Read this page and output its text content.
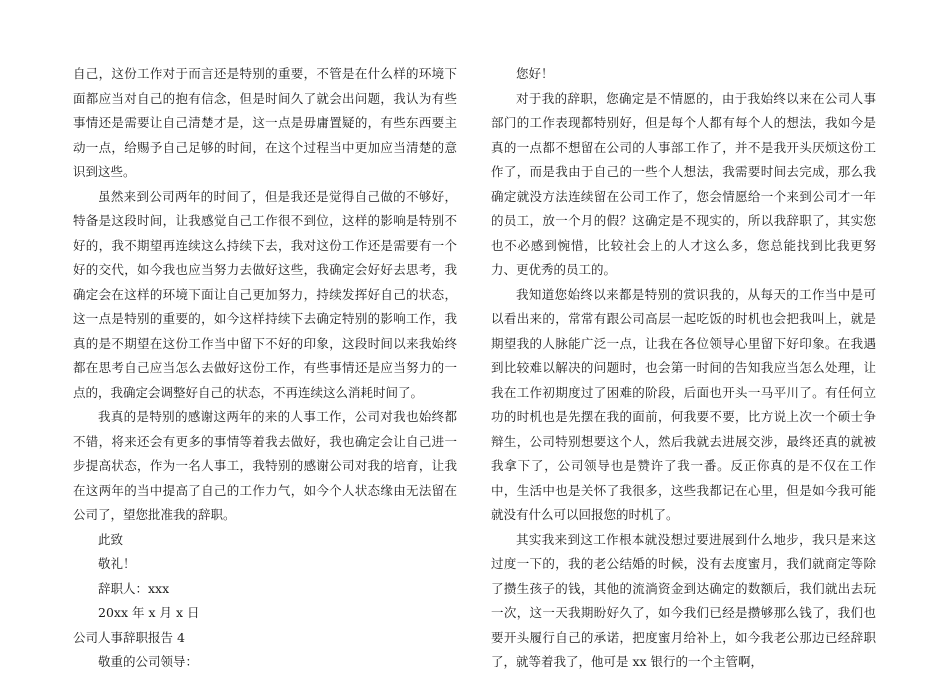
自己，这份工作对于而言还是特别的重要，不管是在什么样的环境下面都应当对自己的抱有信念，但是时间久了就会出问题，我认为有些事情还是需要让自己清楚才是，这一点是毋庸置疑的，有些东西要主动一点，给赐予自己足够的时间，在这个过程当中更加应当清楚的意识到这些。

虽然来到公司两年的时间了，但是我还是觉得自己做的不够好，特备是这段时间，让我感觉自己工作很不到位，这样的影响是特别不好的，我不期望再连续这么持续下去，我对这份工作还是需要有一个好的交代，如今我也应当努力去做好这些，我确定会好好去思考，我确定会在这样的环境下面让自己更加努力，持续发挥好自己的状态，这一点是特别的重要的，如今这样持续下去确定特别的影响工作，我真的是不期望在这份工作当中留下不好的印象，这段时间以来我始终都在思考自己应当怎么去做好这份工作，有些事情还是应当努力的一点的，我确定会调整好自己的状态，不再连续这么消耗时间了。

我真的是特别的感谢这两年的来的人事工作，公司对我也始终都不错，将来还会有更多的事情等着我去做好，我也确定会让自己进一步提高状态，作为一名人事工，我特别的感谢公司对我的培育，让我在这两年的当中提高了自己的工作力气，如今个人状态缘由无法留在公司了，望您批准我的辞职。

此致

敬礼！

辞职人：xxx

20xx 年 x 月 x 日

公司人事辞职报告 4

敬重的公司领导：

您好！

对于我的辞职，您确定是不情愿的，由于我始终以来在公司人事部门的工作表现都特别好，但是每个人都有每个人的想法，我如今是真的一点都不想留在公司的人事部工作了，并不是我开头厌烦这份工作了，而是我由于自己的一些个人想法，我需要时间去完成，那么我确定就没方法连续留在公司工作了，您会情愿给一个来到公司才一年的员工，放一个月的假？这确定是不现实的，所以我辞职了，其实您也不必感到惋惜，比较社会上的人才这么多，您总能找到比我更努力、更优秀的员工的。

我知道您始终以来都是特别的赏识我的，从每天的工作当中是可以看出来的，常常有跟公司高层一起吃饭的时机也会把我叫上，就是期望我的人脉能广泛一点，让我在各位领导心里留下好印象。在我遇到比较难以解决的问题时，也会第一时间的告知我应当怎么处理，让我在工作初期度过了困难的阶段，后面也开头一马平川了。有任何立功的时机也是先摆在我的面前，何我要不要，比方说上次一个硕士争辩生，公司特别想要这个人，然后我就去进展交涉，最终还真的就被我拿下了，公司领导也是赞许了我一番。反正你真的是不仅在工作中，生活中也是关怀了我很多，这些我都记在心里，但是如今我可能就没有什么可以回报您的时机了。

其实我来到这工作根本就没想过要进展到什么地步，我只是来这过度一下的，我的老公结婚的时候，没有去度蜜月，我们就商定等除了攒生孩子的钱，其他的流淌资金到达确定的数额后，我们就出去玩一次，这一天我期盼好久了，如今我们已经是攒够那么钱了，我们也要开头履行自己的承诺，把度蜜月给补上，如今我老公那边已经辞职了，就等着我了，他可是 xx 银行的一个主管啊，
